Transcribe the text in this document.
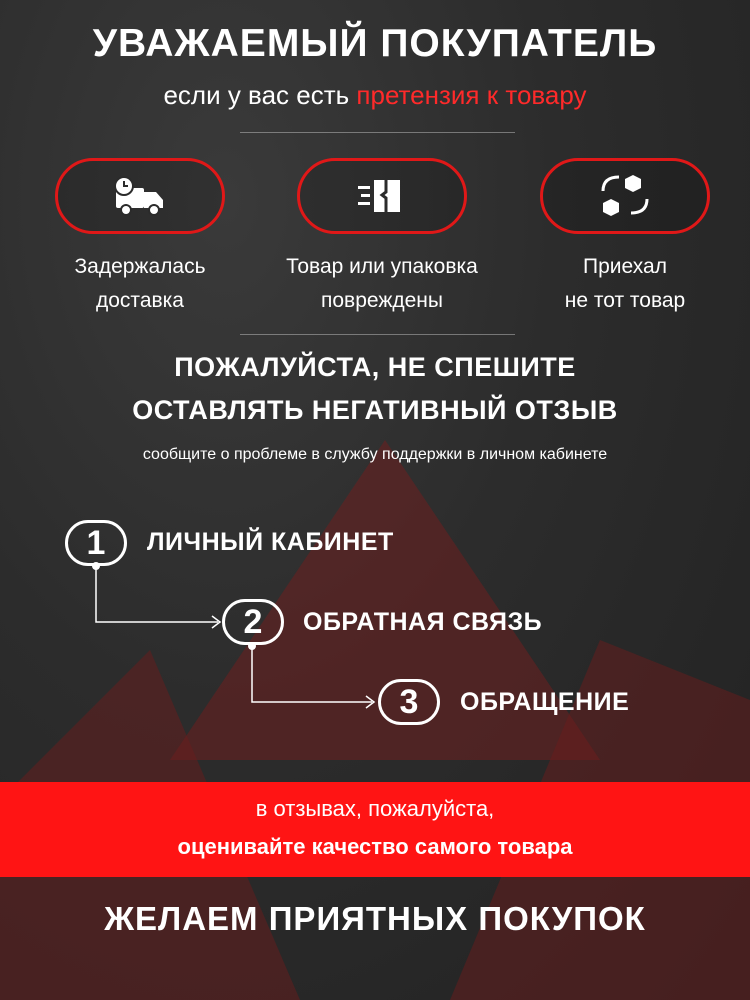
УВАЖАЕМЫЙ ПОКУПАТЕЛЬ
если у вас есть претензия к товару
Задержалась
доставка
Товар или упаковка
повреждены
Приехал
не тот товар
ПОЖАЛУЙСТА, НЕ СПЕШИТЕ
ОСТАВЛЯТЬ НЕГАТИВНЫЙ ОТЗЫВ
сообщите о проблеме в службу поддержки в личном кабинете
1	ЛИЧНЫЙ КАБИНЕТ
2	ОБРАТНАЯ СВЯЗЬ
3	ОБРАЩЕНИЕ
в отзывах, пожалуйста,
оценивайте качество самого товара
ЖЕЛАЕМ ПРИЯТНЫХ ПОКУПОК
